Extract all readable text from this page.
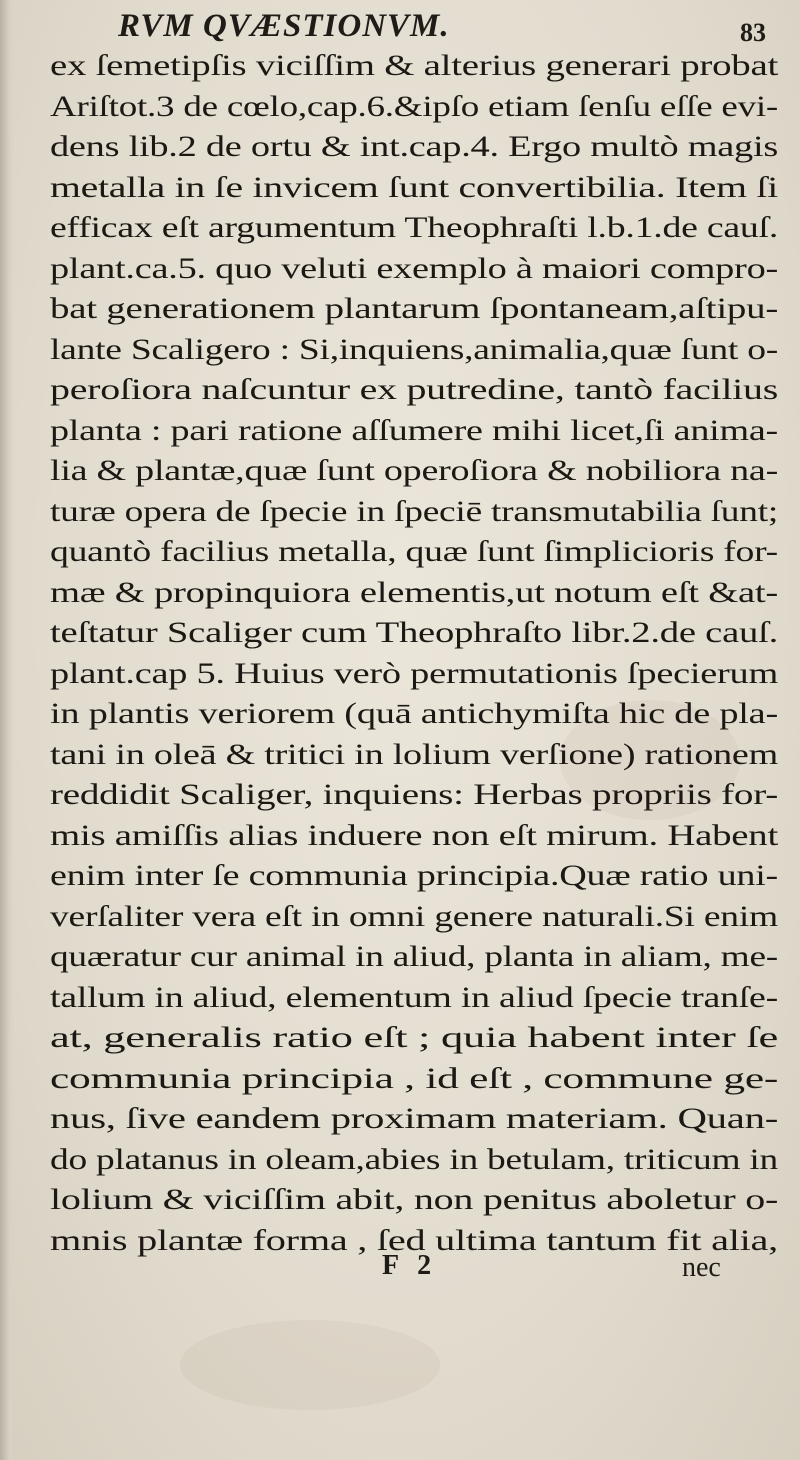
RVM QVÆSTIONVM.	83
ex ſemetipſis viciſſim & alterius generari probat
Ariſtot.3 de cœlo,cap.6.&ipſo etiam ſenſu eſſe evi-
dens lib.2 de ortu & int.cap.4. Ergo multò magis
metalla in ſe invicem ſunt convertibilia. Item ſi
efficax eſt argumentum Theophraſti l.b.1.de cauſ.
plant.ca.5. quo veluti exemplo à maiori compro-
bat generationem plantarum ſpontaneam,aſtipu-
lante Scaligero : Si,inquiens,animalia,quæ ſunt o-
peroſiora naſcuntur ex putredine, tantò facilius
planta : pari ratione aſſumere mihi licet,ſi anima-
lia & plantæ,quæ ſunt operoſiora & nobiliora na-
turæ opera de ſpecie in ſpeciē transmutabilia ſunt;
quantò facilius metalla, quæ ſunt ſimplicioris for-
mæ & propinquiora elementis,ut notum eſt &at-
teſtatur Scaliger cum Theophraſto libr.2.de cauſ.
plant.cap 5. Huius verò permutationis ſpecierum
in plantis veriorem (quā antichymiſta hic de pla-
tani in oleā & tritici in lolium verſione) rationem
reddidit Scaliger, inquiens: Herbas propriis for-
mis amiſſis alias induere non eſt mirum. Habent
enim inter ſe communia principia.Quæ ratio uni-
verſaliter vera eſt in omni genere naturali.Si enim
quæratur cur animal in aliud, planta in aliam, me-
tallum in aliud, elementum in aliud ſpecie tranſe-
at, generalis ratio eſt ; quia habent inter ſe
communia principia , id eſt , commune ge-
nus, ſive eandem proximam materiam. Quan-
do platanus in oleam,abies in betulam, triticum in
lolium & viciſſim abit, non penitus aboletur o-
mnis plantæ forma , ſed ultima tantum fit alia,
F 2	nec
